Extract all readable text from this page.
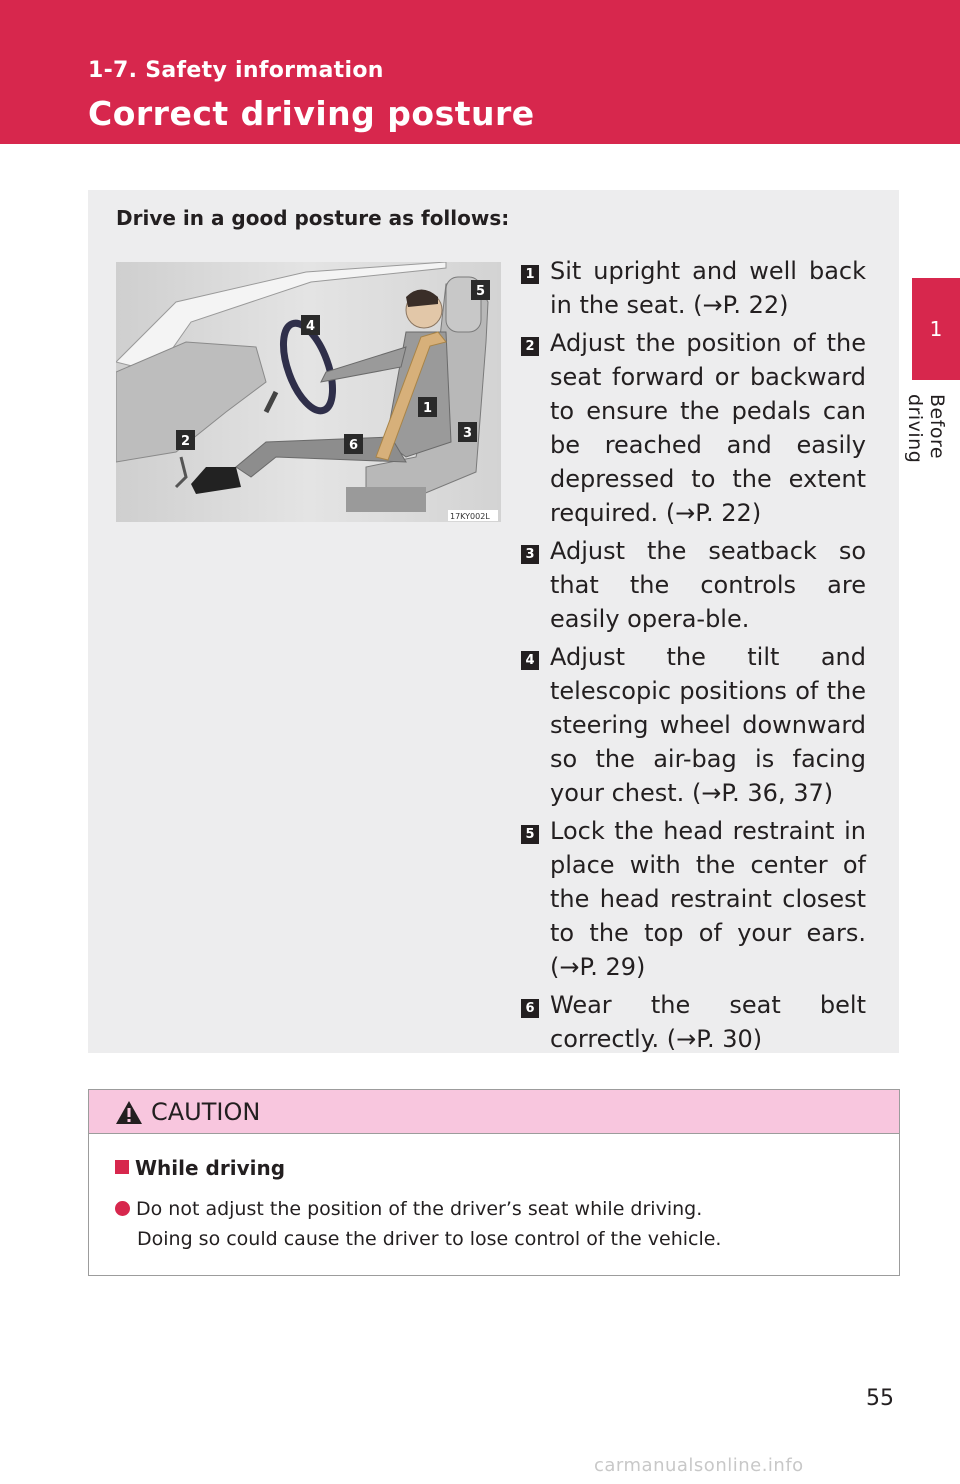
1-7. Safety information
Correct driving posture
1
Before driving
Drive in a good posture as follows:
5
4
1
3
2	6
17KY002L
1 Sit upright and well back in the seat. (→P. 22)
2 Adjust the position of the seat forward or backward to ensure the pedals can be reached and easily depressed to the extent required. (→P. 22)
3 Adjust the seatback so that the controls are easily opera-ble.
4 Adjust the tilt and telescopic positions of the steering wheel downward so the air-bag is facing your chest. (→P. 36, 37)
5 Lock the head restraint in place with the center of the head restraint closest to the top of your ears. (→P. 29)
6 Wear the seat belt correctly. (→P. 30)
CAUTION
While driving
Do not adjust the position of the driver’s seat while driving.
Doing so could cause the driver to lose control of the vehicle.
55
carmanualsonline.info
